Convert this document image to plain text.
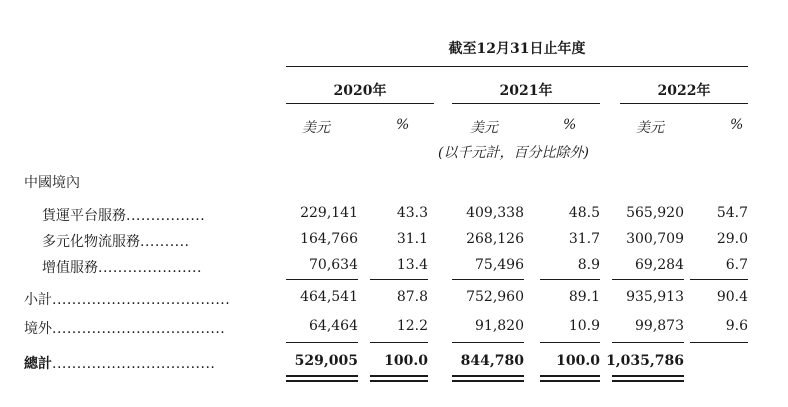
截至12月31日止年度
2020年	2021年	2022年
美元	%	美元	%	美元	%
(以千元計，百分比除外)
中國境內
貨運平台服務................	229,141	43.3	409,338	48.5	565,920	54.7
多元化物流服務..........	164,766	31.1	268,126	31.7	300,709	29.0
增值服務.....................	70,634	13.4	75,496	8.9	69,284	6.7
小計....................................	464,541	87.8	752,960	89.1	935,913	90.4
境外...................................	64,464	12.2	91,820	10.9	99,873	9.6
總計.................................	529,005	100.0	844,780	100.0 1,035,786
